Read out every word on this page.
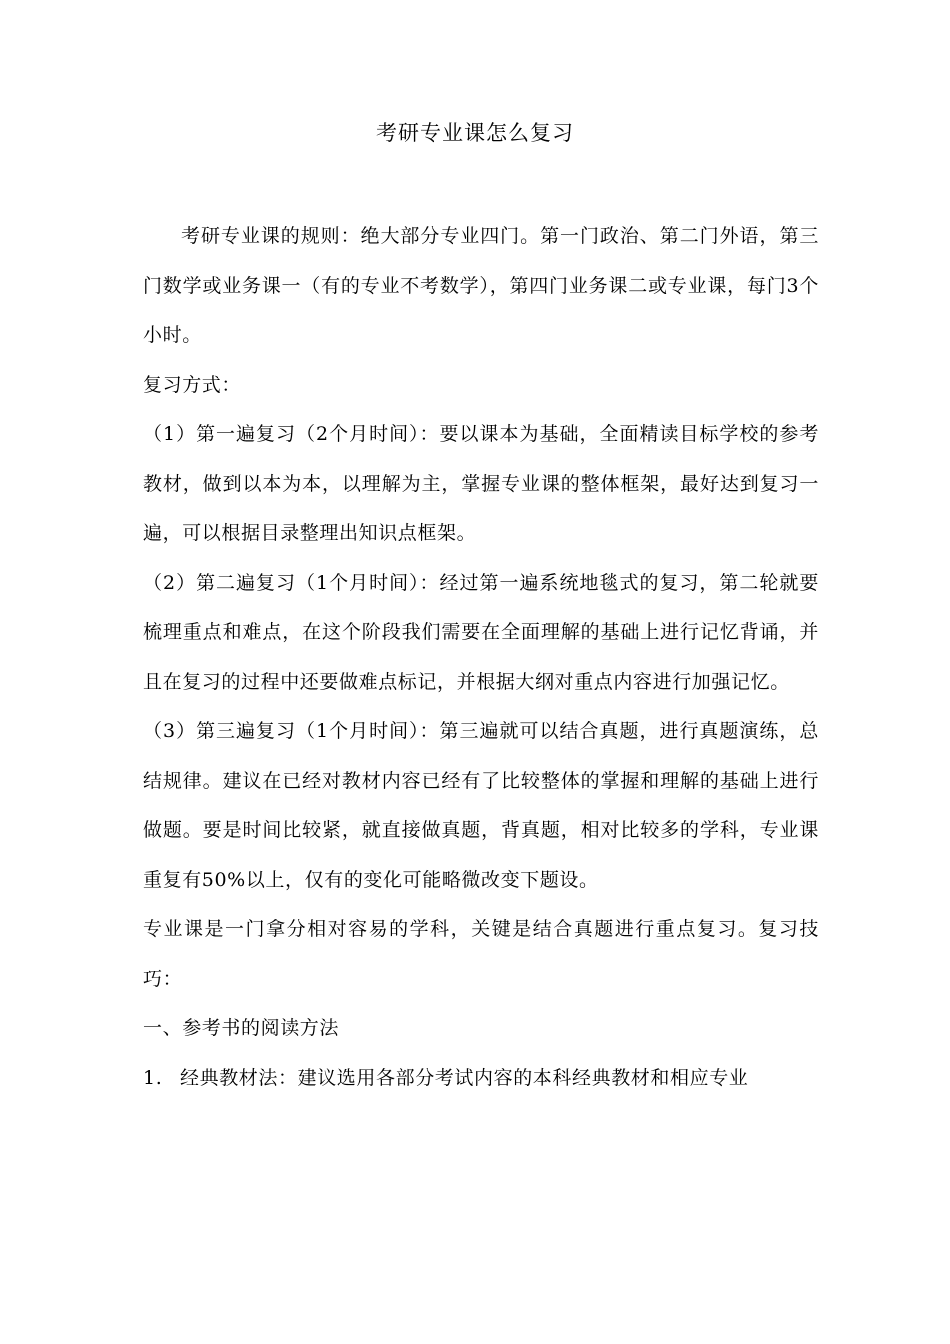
考研专业课怎么复习

考研专业课的规则：绝大部分专业四门。第一门政治、第二门外语，第三门数学或业务课一（有的专业不考数学），第四门业务课二或专业课，每门3个小时。

复习方式：

（1）第一遍复习（2个月时间）：要以课本为基础，全面精读目标学校的参考教材，做到以本为本，以理解为主，掌握专业课的整体框架，最好达到复习一遍，可以根据目录整理出知识点框架。

（2）第二遍复习（1个月时间）：经过第一遍系统地毯式的复习，第二轮就要梳理重点和难点，在这个阶段我们需要在全面理解的基础上进行记忆背诵，并且在复习的过程中还要做难点标记，并根据大纲对重点内容进行加强记忆。

（3）第三遍复习（1个月时间）：第三遍就可以结合真题，进行真题演练，总结规律。建议在已经对教材内容已经有了比较整体的掌握和理解的基础上进行做题。要是时间比较紧，就直接做真题，背真题，相对比较多的学科，专业课重复有50%以上，仅有的变化可能略微改变下题设。

专业课是一门拿分相对容易的学科，关键是结合真题进行重点复习。复习技巧：

一、参考书的阅读方法

1. 经典教材法：建议选用各部分考试内容的本科经典教材和相应专业
